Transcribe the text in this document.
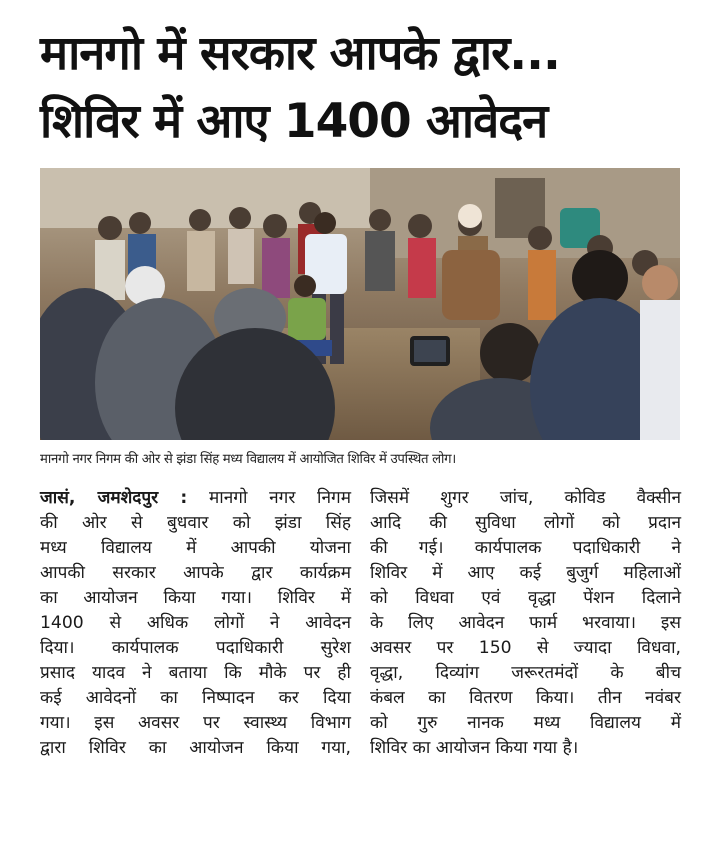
मानगो में सरकार आपके द्वार...
शिविर में आए 1400 आवेदन
मानगो नगर निगम की ओर से झंडा सिंह मध्य विद्यालय में आयोजित शिविर में उपस्थित लोग।
जासं, जमशेदपुर : मानगो नगर निगम
की ओर से बुधवार को झंडा सिंह
मध्य विद्यालय में आपकी योजना
आपकी सरकार आपके द्वार कार्यक्रम
का आयोजन किया गया। शिविर में
1400 से अधिक लोगों ने आवेदन
दिया। कार्यपालक पदाधिकारी सुरेश
प्रसाद यादव ने बताया कि मौके पर ही
कई आवेदनों का निष्पादन कर दिया
गया। इस अवसर पर स्वास्थ्य विभाग
द्वारा शिविर का आयोजन किया गया,
जिसमें शुगर जांच, कोविड वैक्सीन
आदि की सुविधा लोगों को प्रदान
की गई। कार्यपालक पदाधिकारी ने
शिविर में आए कई बुजुर्ग महिलाओं
को विधवा एवं वृद्धा पेंशन दिलाने
के लिए आवेदन फार्म भरवाया। इस
अवसर पर 150 से ज्यादा विधवा,
वृद्धा, दिव्यांग जरूरतमंदों के बीच
कंबल का वितरण किया। तीन नवंबर
को गुरु नानक मध्य विद्यालय में
शिविर का आयोजन किया गया है।
